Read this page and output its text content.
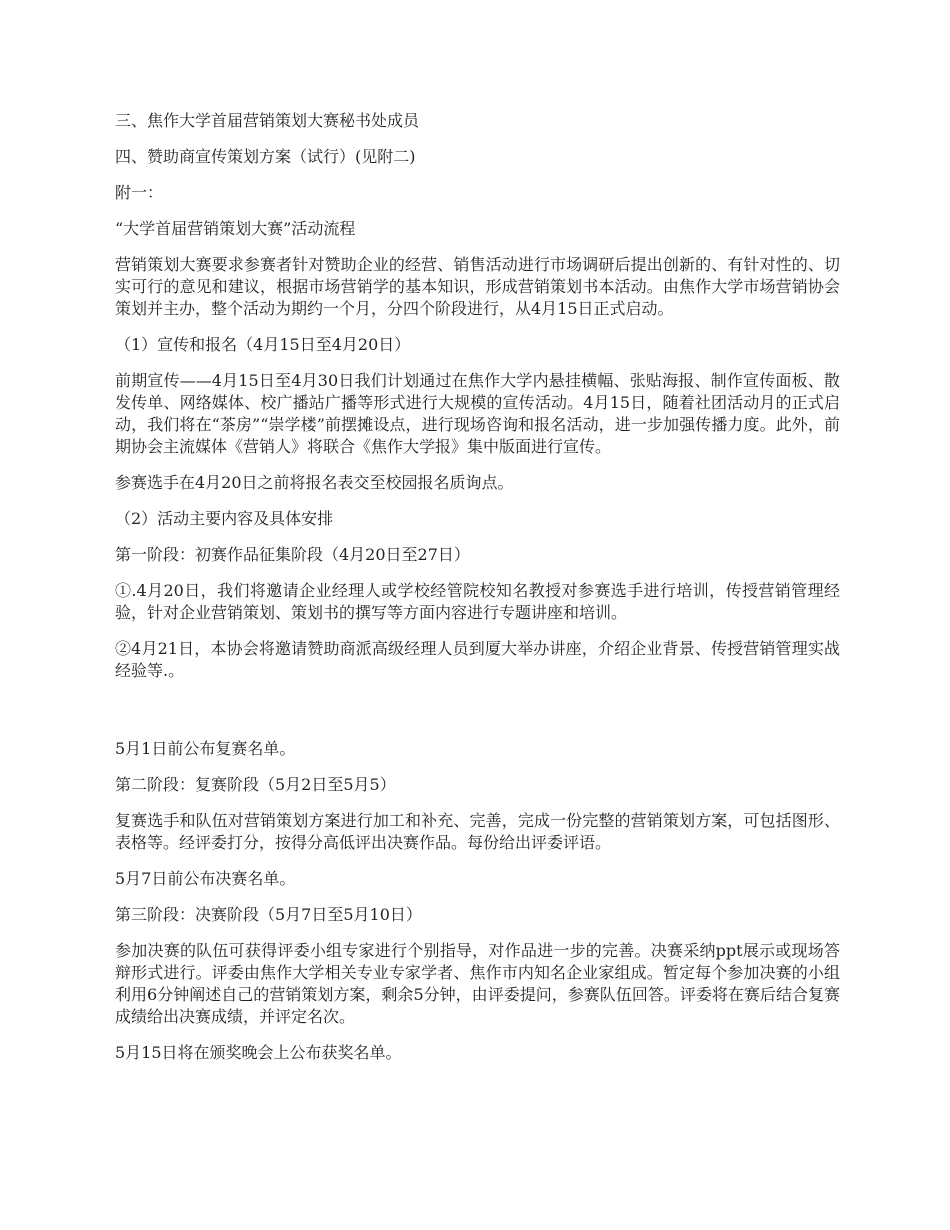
三、焦作大学首届营销策划大赛秘书处成员

四、赞助商宣传策划方案（试行）(见附二)

附一：

“大学首届营销策划大赛”活动流程

营销策划大赛要求参赛者针对赞助企业的经营、销售活动进行市场调研后提出创新的、有针对性的、切实可行的意见和建议，根据市场营销学的基本知识，形成营销策划书本活动。由焦作大学市场营销协会策划并主办，整个活动为期约一个月，分四个阶段进行，从4月15日正式启动。

（1）宣传和报名（4月15日至4月20日）

前期宣传——4月15日至4月30日我们计划通过在焦作大学内悬挂横幅、张贴海报、制作宣传面板、散发传单、网络媒体、校广播站广播等形式进行大规模的宣传活动。4月15日，随着社团活动月的正式启动，我们将在“茶房”“崇学楼”前摆摊设点，进行现场咨询和报名活动，进一步加强传播力度。此外，前期协会主流媒体《营销人》将联合《焦作大学报》集中版面进行宣传。

参赛选手在4月20日之前将报名表交至校园报名质询点。

（2）活动主要内容及具体安排

第一阶段：初赛作品征集阶段（4月20日至27日）

①.4月20日，我们将邀请企业经理人或学校经管院校知名教授对参赛选手进行培训，传授营销管理经验，针对企业营销策划、策划书的撰写等方面内容进行专题讲座和培训。

②4月21日，本协会将邀请赞助商派高级经理人员到厦大举办讲座，介绍企业背景、传授营销管理实战经验等.。

5月1日前公布复赛名单。

第二阶段：复赛阶段（5月2日至5月5）

复赛选手和队伍对营销策划方案进行加工和补充、完善，完成一份完整的营销策划方案，可包括图形、表格等。经评委打分，按得分高低评出决赛作品。每份给出评委评语。

5月7日前公布决赛名单。

第三阶段：决赛阶段（5月7日至5月10日）

参加决赛的队伍可获得评委小组专家进行个别指导，对作品进一步的完善。决赛采纳ppt展示或现场答辩形式进行。评委由焦作大学相关专业专家学者、焦作市内知名企业家组成。暂定每个参加决赛的小组利用6分钟阐述自己的营销策划方案，剩余5分钟，由评委提问，参赛队伍回答。评委将在赛后结合复赛成绩给出决赛成绩，并评定名次。

5月15日将在颁奖晚会上公布获奖名单。
